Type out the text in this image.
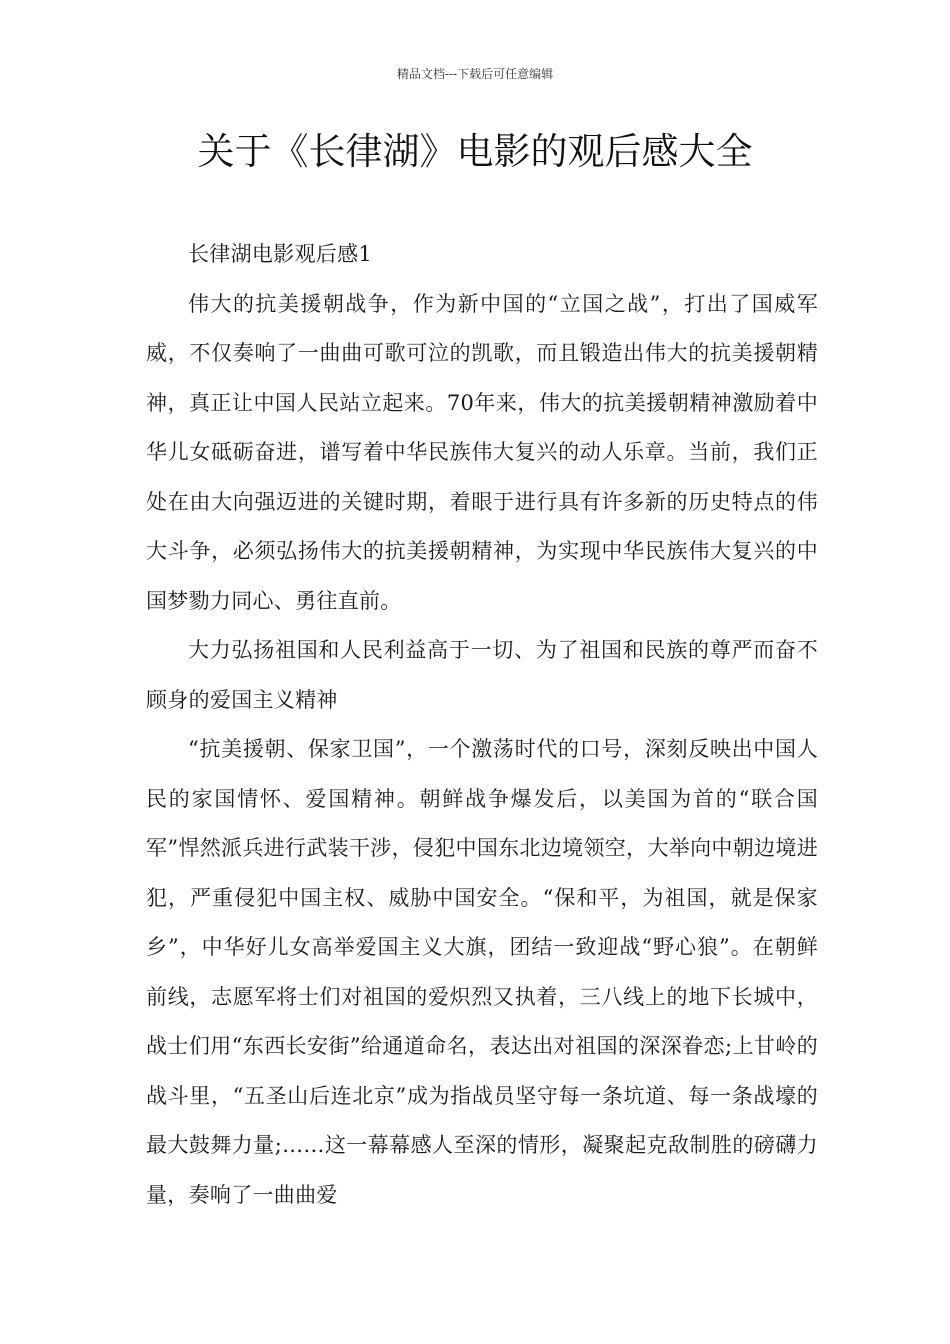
精品文档---下载后可任意编辑
关于《长律湖》电影的观后感大全

长律湖电影观后感1

伟大的抗美援朝战争，作为新中国的“立国之战”，打出了国威军威，不仅奏响了一曲曲可歌可泣的凯歌，而且锻造出伟大的抗美援朝精神，真正让中国人民站立起来。70年来，伟大的抗美援朝精神激励着中华儿女砥砺奋进，谱写着中华民族伟大复兴的动人乐章。当前，我们正处在由大向强迈进的关键时期，着眼于进行具有许多新的历史特点的伟大斗争，必须弘扬伟大的抗美援朝精神，为实现中华民族伟大复兴的中国梦勠力同心、勇往直前。

大力弘扬祖国和人民利益高于一切、为了祖国和民族的尊严而奋不顾身的爱国主义精神

“抗美援朝、保家卫国”，一个激荡时代的口号，深刻反映出中国人民的家国情怀、爱国精神。朝鲜战争爆发后，以美国为首的“联合国军”悍然派兵进行武装干涉，侵犯中国东北边境领空，大举向中朝边境进犯，严重侵犯中国主权、威胁中国安全。“保和平，为祖国，就是保家乡”，中华好儿女高举爱国主义大旗，团结一致迎战“野心狼”。在朝鲜前线，志愿军将士们对祖国的爱炽烈又执着，三八线上的地下长城中，战士们用“东西长安街”给通道命名，表达出对祖国的深深眷恋;上甘岭的战斗里，“五圣山后连北京”成为指战员坚守每一条坑道、每一条战壕的最大鼓舞力量;……这一幕幕感人至深的情形，凝聚起克敌制胜的磅礴力量，奏响了一曲曲爱
